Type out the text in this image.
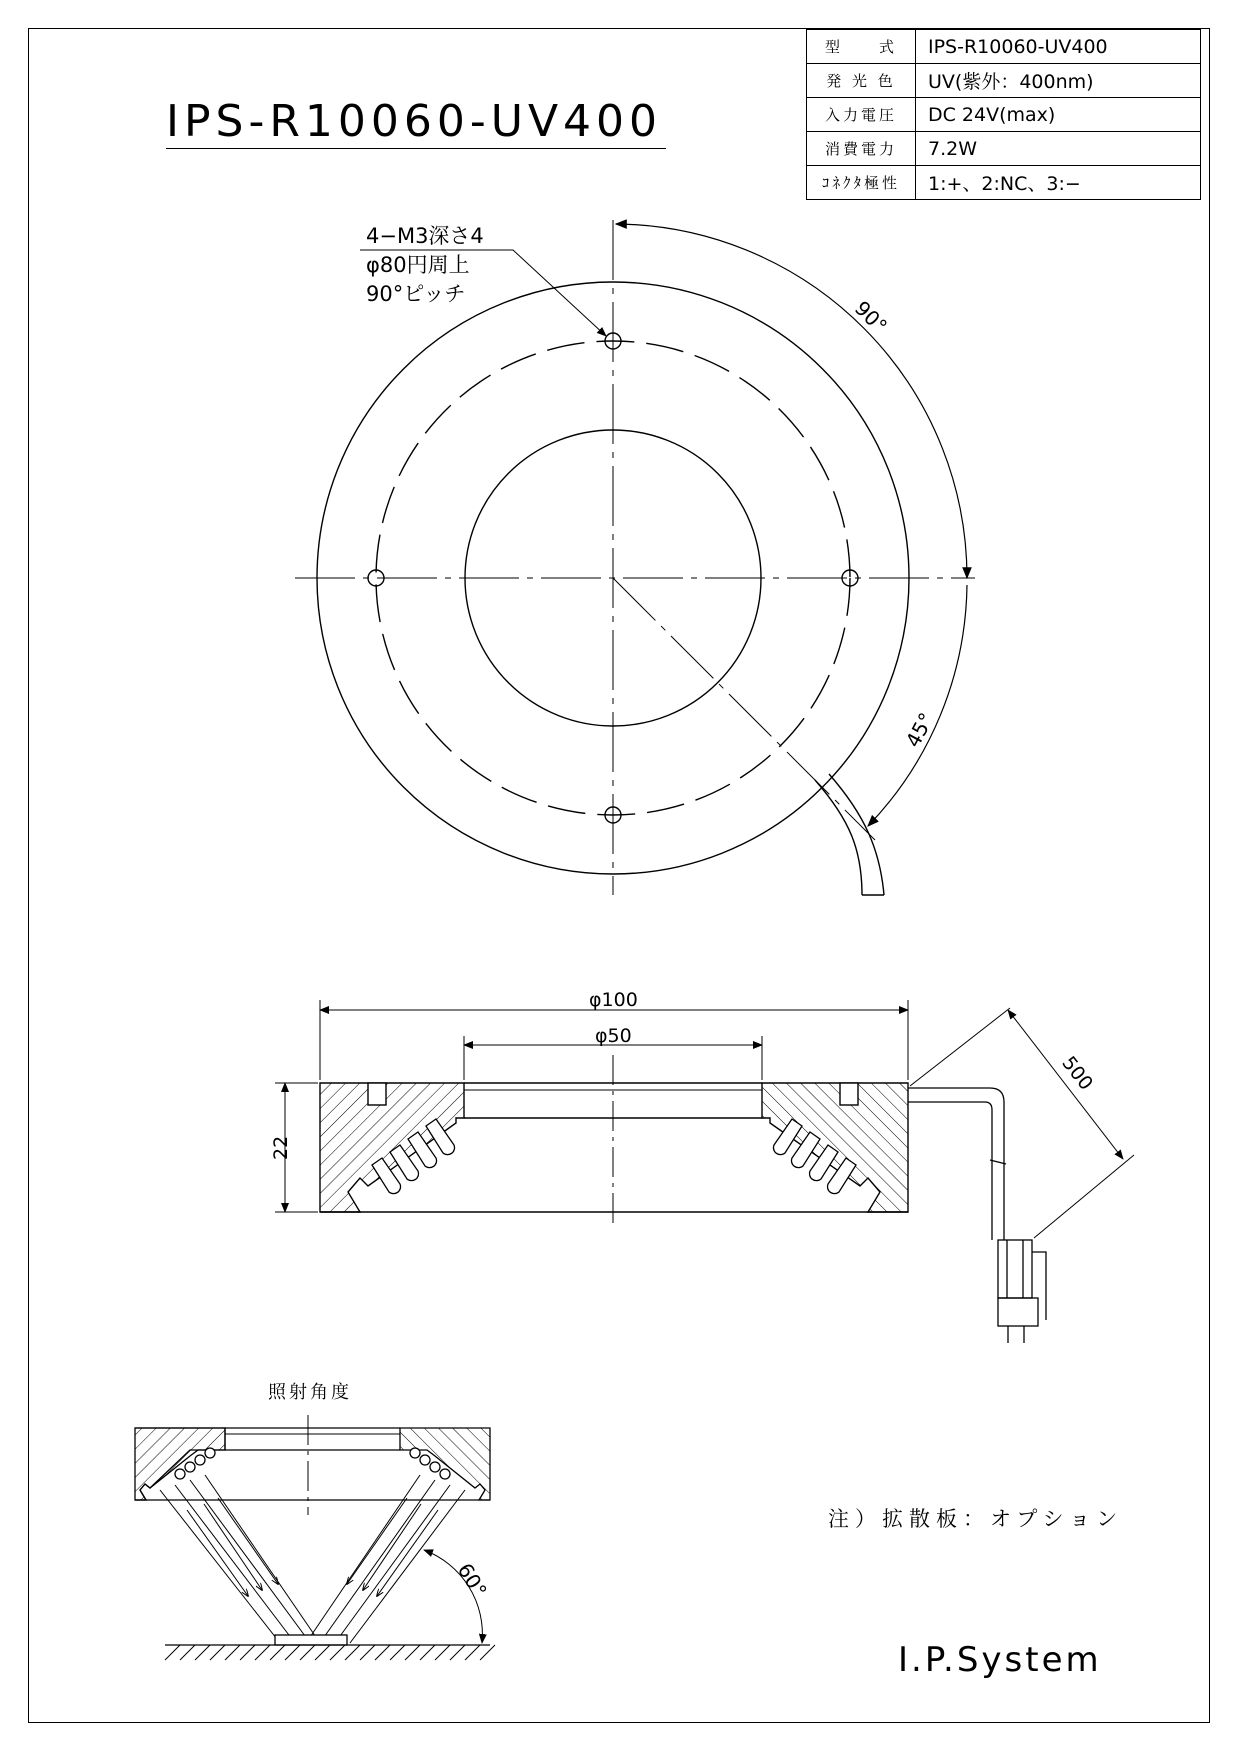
型　　式	IPS-R10060-UV400
発 光 色	UV(紫外：400nm)
入力電圧	DC 24V(max)
消費電力	7.2W
ｺﾈｸﾀ極性	1:+、2:NC、3:−
IPS-R10060-UV400
4−M3深さ4
φ80円周上
90°ピッチ
90°
45°
φ100
φ50
22
500
60°
照射角度
注）拡散板：オプション
I.P.System
